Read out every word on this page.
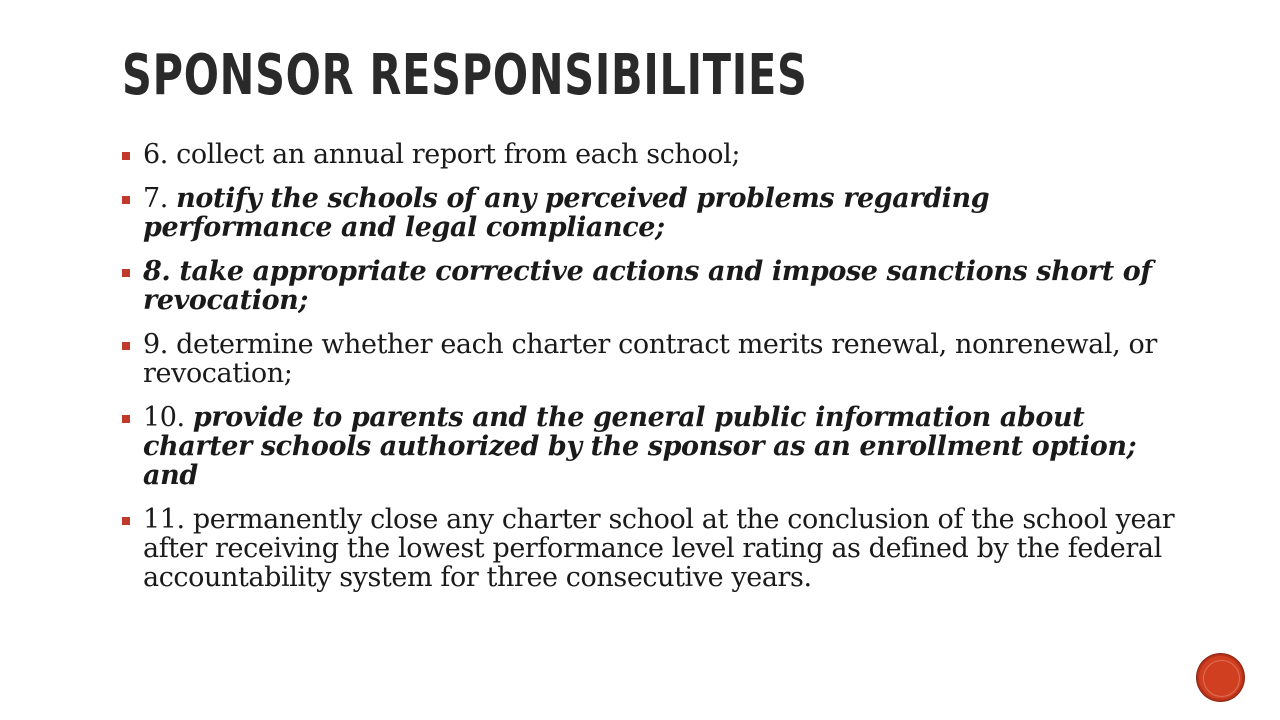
SPONSOR RESPONSIBILITIES
6. collect an annual report from each school;
7. notify the schools of any perceived problems regarding performance and legal compliance;
8. take appropriate corrective actions and impose sanctions short of revocation;
9. determine whether each charter contract merits renewal, nonrenewal, or revocation;
10. provide to parents and the general public information about charter schools authorized by the sponsor as an enrollment option; and
11. permanently close any charter school at the conclusion of the school year after receiving the lowest performance level rating as defined by the federal accountability system for three consecutive years.
